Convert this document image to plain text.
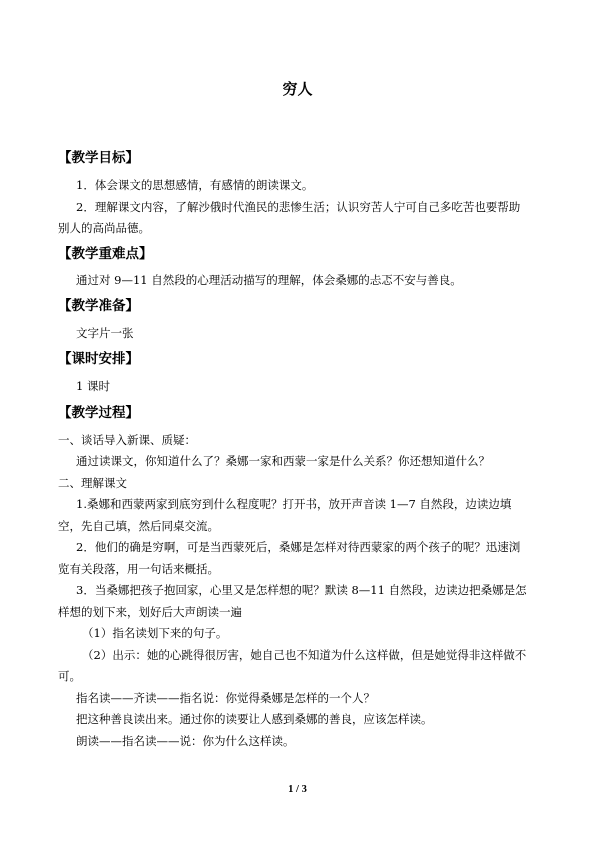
穷人
【教学目标】
1．体会课文的思想感情，有感情的朗读课文。
2．理解课文内容，了解沙俄时代渔民的悲惨生活；认识穷苦人宁可自己多吃苦也要帮助
别人的高尚品德。
【教学重难点】
通过对 9—11 自然段的心理活动描写的理解，体会桑娜的忐忑不安与善良。
【教学准备】
文字片一张
【课时安排】
1 课时
【教学过程】
一、谈话导入新课、质疑：
通过读课文，你知道什么了？桑娜一家和西蒙一家是什么关系？你还想知道什么？
二、理解课文
1.桑娜和西蒙两家到底穷到什么程度呢？打开书，放开声音读 1—7 自然段，边读边填
空，先自己填，然后同桌交流。
2．他们的确是穷啊，可是当西蒙死后，桑娜是怎样对待西蒙家的两个孩子的呢？迅速浏
览有关段落，用一句话来概括。
3．当桑娜把孩子抱回家，心里又是怎样想的呢？默读 8—11 自然段，边读边把桑娜是怎
样想的划下来，划好后大声朗读一遍
（1）指名读划下来的句子。
（2）出示：她的心跳得很厉害，她自己也不知道为什么这样做，但是她觉得非这样做不
可。
指名读——齐读——指名说：你觉得桑娜是怎样的一个人？
把这种善良读出来。通过你的读要让人感到桑娜的善良，应该怎样读。
朗读——指名读——说：你为什么这样读。
1 / 3
